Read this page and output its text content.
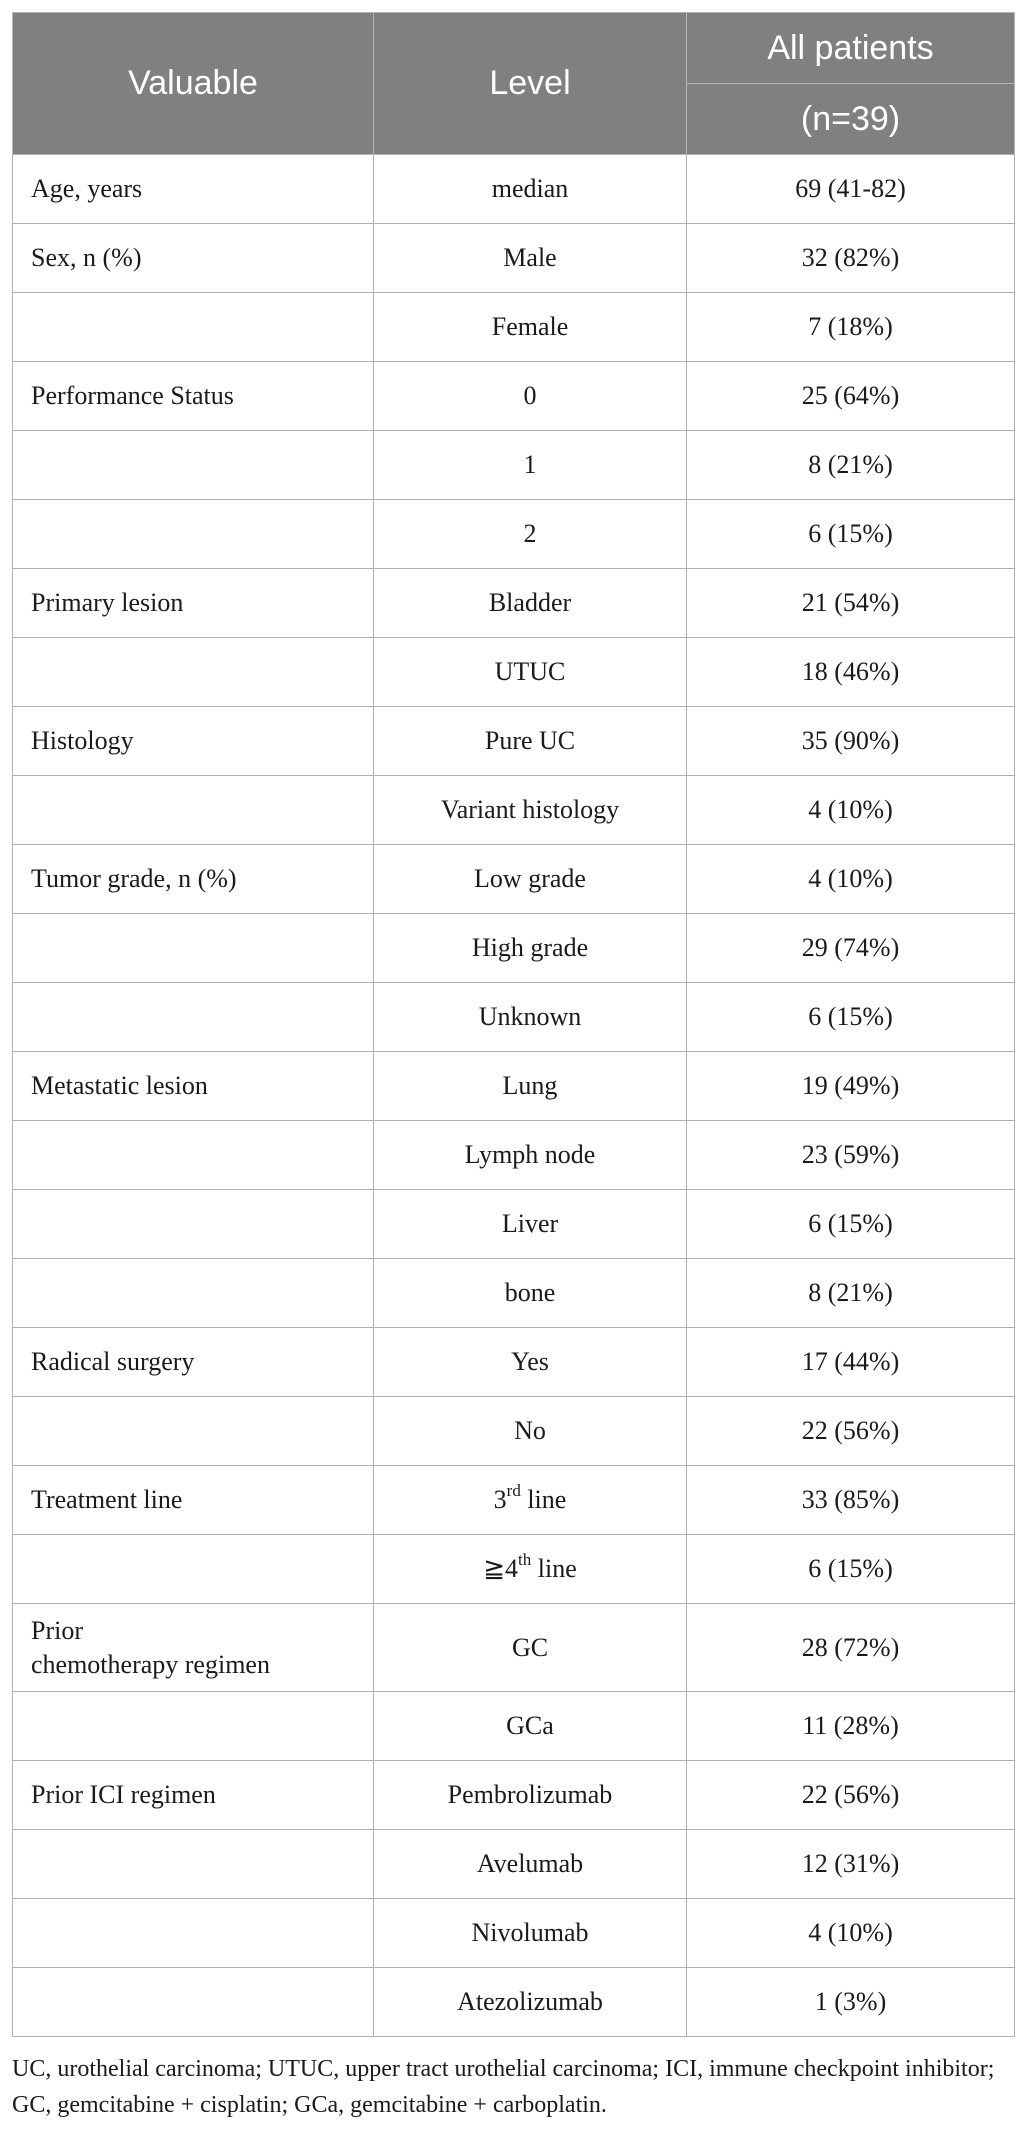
Valuable	Level	All patients
		(n=39)
Age, years	median	69 (41-82)
Sex, n (%)	Male	32 (82%)
	Female	7 (18%)
Performance Status	0	25 (64%)
	1	8 (21%)
	2	6 (15%)
Primary lesion	Bladder	21 (54%)
	UTUC	18 (46%)
Histology	Pure UC	35 (90%)
	Variant histology	4 (10%)
Tumor grade, n (%)	Low grade	4 (10%)
	High grade	29 (74%)
	Unknown	6 (15%)
Metastatic lesion	Lung	19 (49%)
	Lymph node	23 (59%)
	Liver	6 (15%)
	bone	8 (21%)
Radical surgery	Yes	17 (44%)
	No	22 (56%)
Treatment line	3rd line	33 (85%)
	≧4th line	6 (15%)
Prior
chemotherapy regimen	GC	28 (72%)
	GCa	11 (28%)
Prior ICI regimen	Pembrolizumab	22 (56%)
	Avelumab	12 (31%)
	Nivolumab	4 (10%)
	Atezolizumab	1 (3%)
UC, urothelial carcinoma; UTUC, upper tract urothelial carcinoma; ICI, immune checkpoint inhibitor; GC, gemcitabine + cisplatin; GCa, gemcitabine + carboplatin.
